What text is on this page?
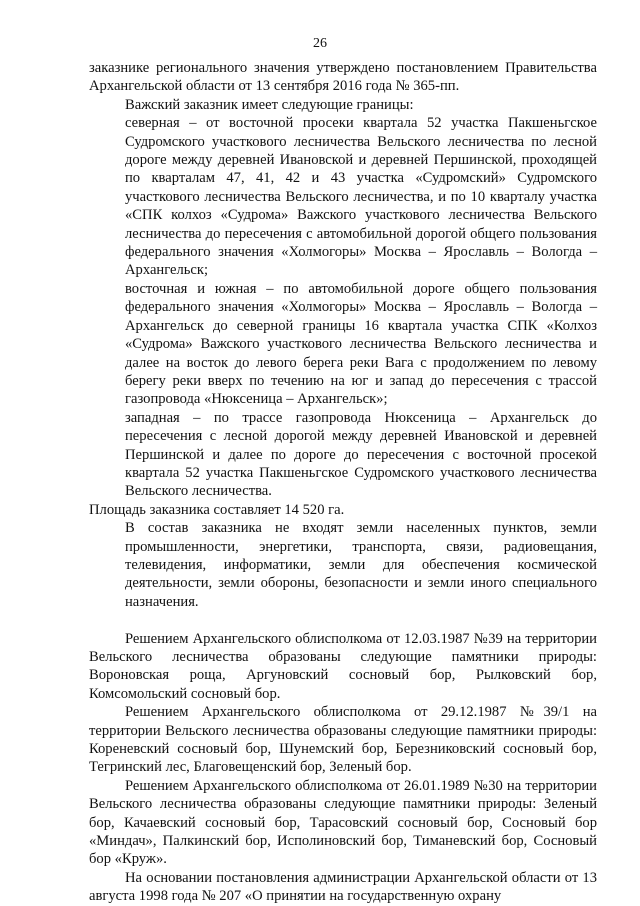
26

заказнике регионального значения утверждено постановлением Правительства Архангельской области от 13 сентября 2016 года № 365-пп.

Важский заказник имеет следующие границы:

северная – от восточной просеки квартала 52 участка Пакшеньгское Судромского участкового лесничества Вельского лесничества по лесной дороге между деревней Ивановской и деревней Першинской, проходящей по кварталам 47, 41, 42 и 43 участка «Судромский» Судромского участкового лесничества Вельского лесничества, и по 10 кварталу участка «СПК колхоз «Судрома» Важского участкового лесничества Вельского лесничества до пересечения с автомобильной дорогой общего пользования федерального значения «Холмогоры» Москва – Ярославль – Вологда – Архангельск;

восточная и южная – по автомобильной дороге общего пользования федерального значения «Холмогоры» Москва – Ярославль – Вологда – Архангельск до северной границы 16 квартала участка СПК «Колхоз «Судрома» Важского участкового лесничества Вельского лесничества и далее на восток до левого берега реки Вага с продолжением по левому берегу реки вверх по течению на юг и запад до пересечения с трассой газопровода «Нюксеница – Архангельск»;

западная – по трассе газопровода Нюксеница – Архангельск до пересечения с лесной дорогой между деревней Ивановской и деревней Першинской и далее по дороге до пересечения с восточной просекой квартала 52 участка Пакшеньгское Судромского участкового лесничества Вельского лесничества.

Площадь заказника составляет 14 520 га.

В состав заказника не входят земли населенных пунктов, земли промышленности, энергетики, транспорта, связи, радиовещания, телевидения, информатики, земли для обеспечения космической деятельности, земли обороны, безопасности и земли иного специального назначения.

Решением Архангельского облисполкома от 12.03.1987 №39 на территории Вельского лесничества образованы следующие памятники природы: Вороновская роща, Аргуновский сосновый бор, Рылковский бор, Комсомольский сосновый бор.

Решением Архангельского облисполкома от 29.12.1987 №39/1 на территории Вельского лесничества образованы следующие памятники природы: Кореневский сосновый бор, Шунемский бор, Березниковский сосновый бор, Тегринский лес, Благовещенский бор, Зеленый бор.

Решением Архангельского облисполкома от 26.01.1989 №30 на территории Вельского лесничества образованы следующие памятники природы: Зеленый бор, Качаевский сосновый бор, Тарасовский сосновый бор, Сосновый бор «Миндач», Палкинский бор, Исполиновский бор, Тиманевский бор, Сосновый бор «Круж».

На основании постановления администрации Архангельской области от 13 августа 1998 года № 207 «О принятии на государственную охрану
